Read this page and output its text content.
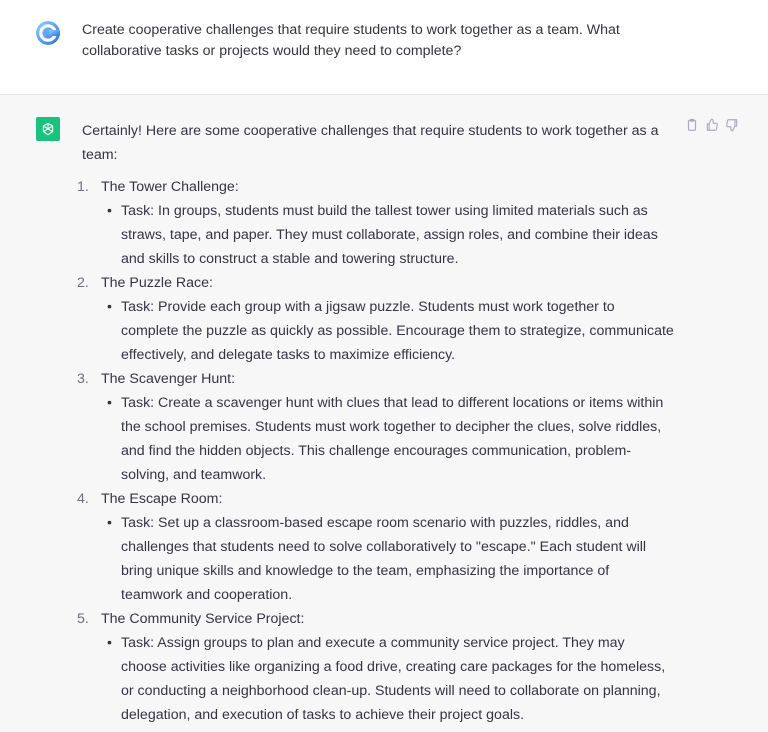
Create cooperative challenges that require students to work together as a team. What collaborative tasks or projects would they need to complete?

Certainly! Here are some cooperative challenges that require students to work together as a team:

1. The Tower Challenge:
• Task: In groups, students must build the tallest tower using limited materials such as straws, tape, and paper. They must collaborate, assign roles, and combine their ideas and skills to construct a stable and towering structure.
2. The Puzzle Race:
• Task: Provide each group with a jigsaw puzzle. Students must work together to complete the puzzle as quickly as possible. Encourage them to strategize, communicate effectively, and delegate tasks to maximize efficiency.
3. The Scavenger Hunt:
• Task: Create a scavenger hunt with clues that lead to different locations or items within the school premises. Students must work together to decipher the clues, solve riddles, and find the hidden objects. This challenge encourages communication, problem-solving, and teamwork.
4. The Escape Room:
• Task: Set up a classroom-based escape room scenario with puzzles, riddles, and challenges that students need to solve collaboratively to "escape." Each student will bring unique skills and knowledge to the team, emphasizing the importance of teamwork and cooperation.
5. The Community Service Project:
• Task: Assign groups to plan and execute a community service project. They may choose activities like organizing a food drive, creating care packages for the homeless, or conducting a neighborhood clean-up. Students will need to collaborate on planning, delegation, and execution of tasks to achieve their project goals.
